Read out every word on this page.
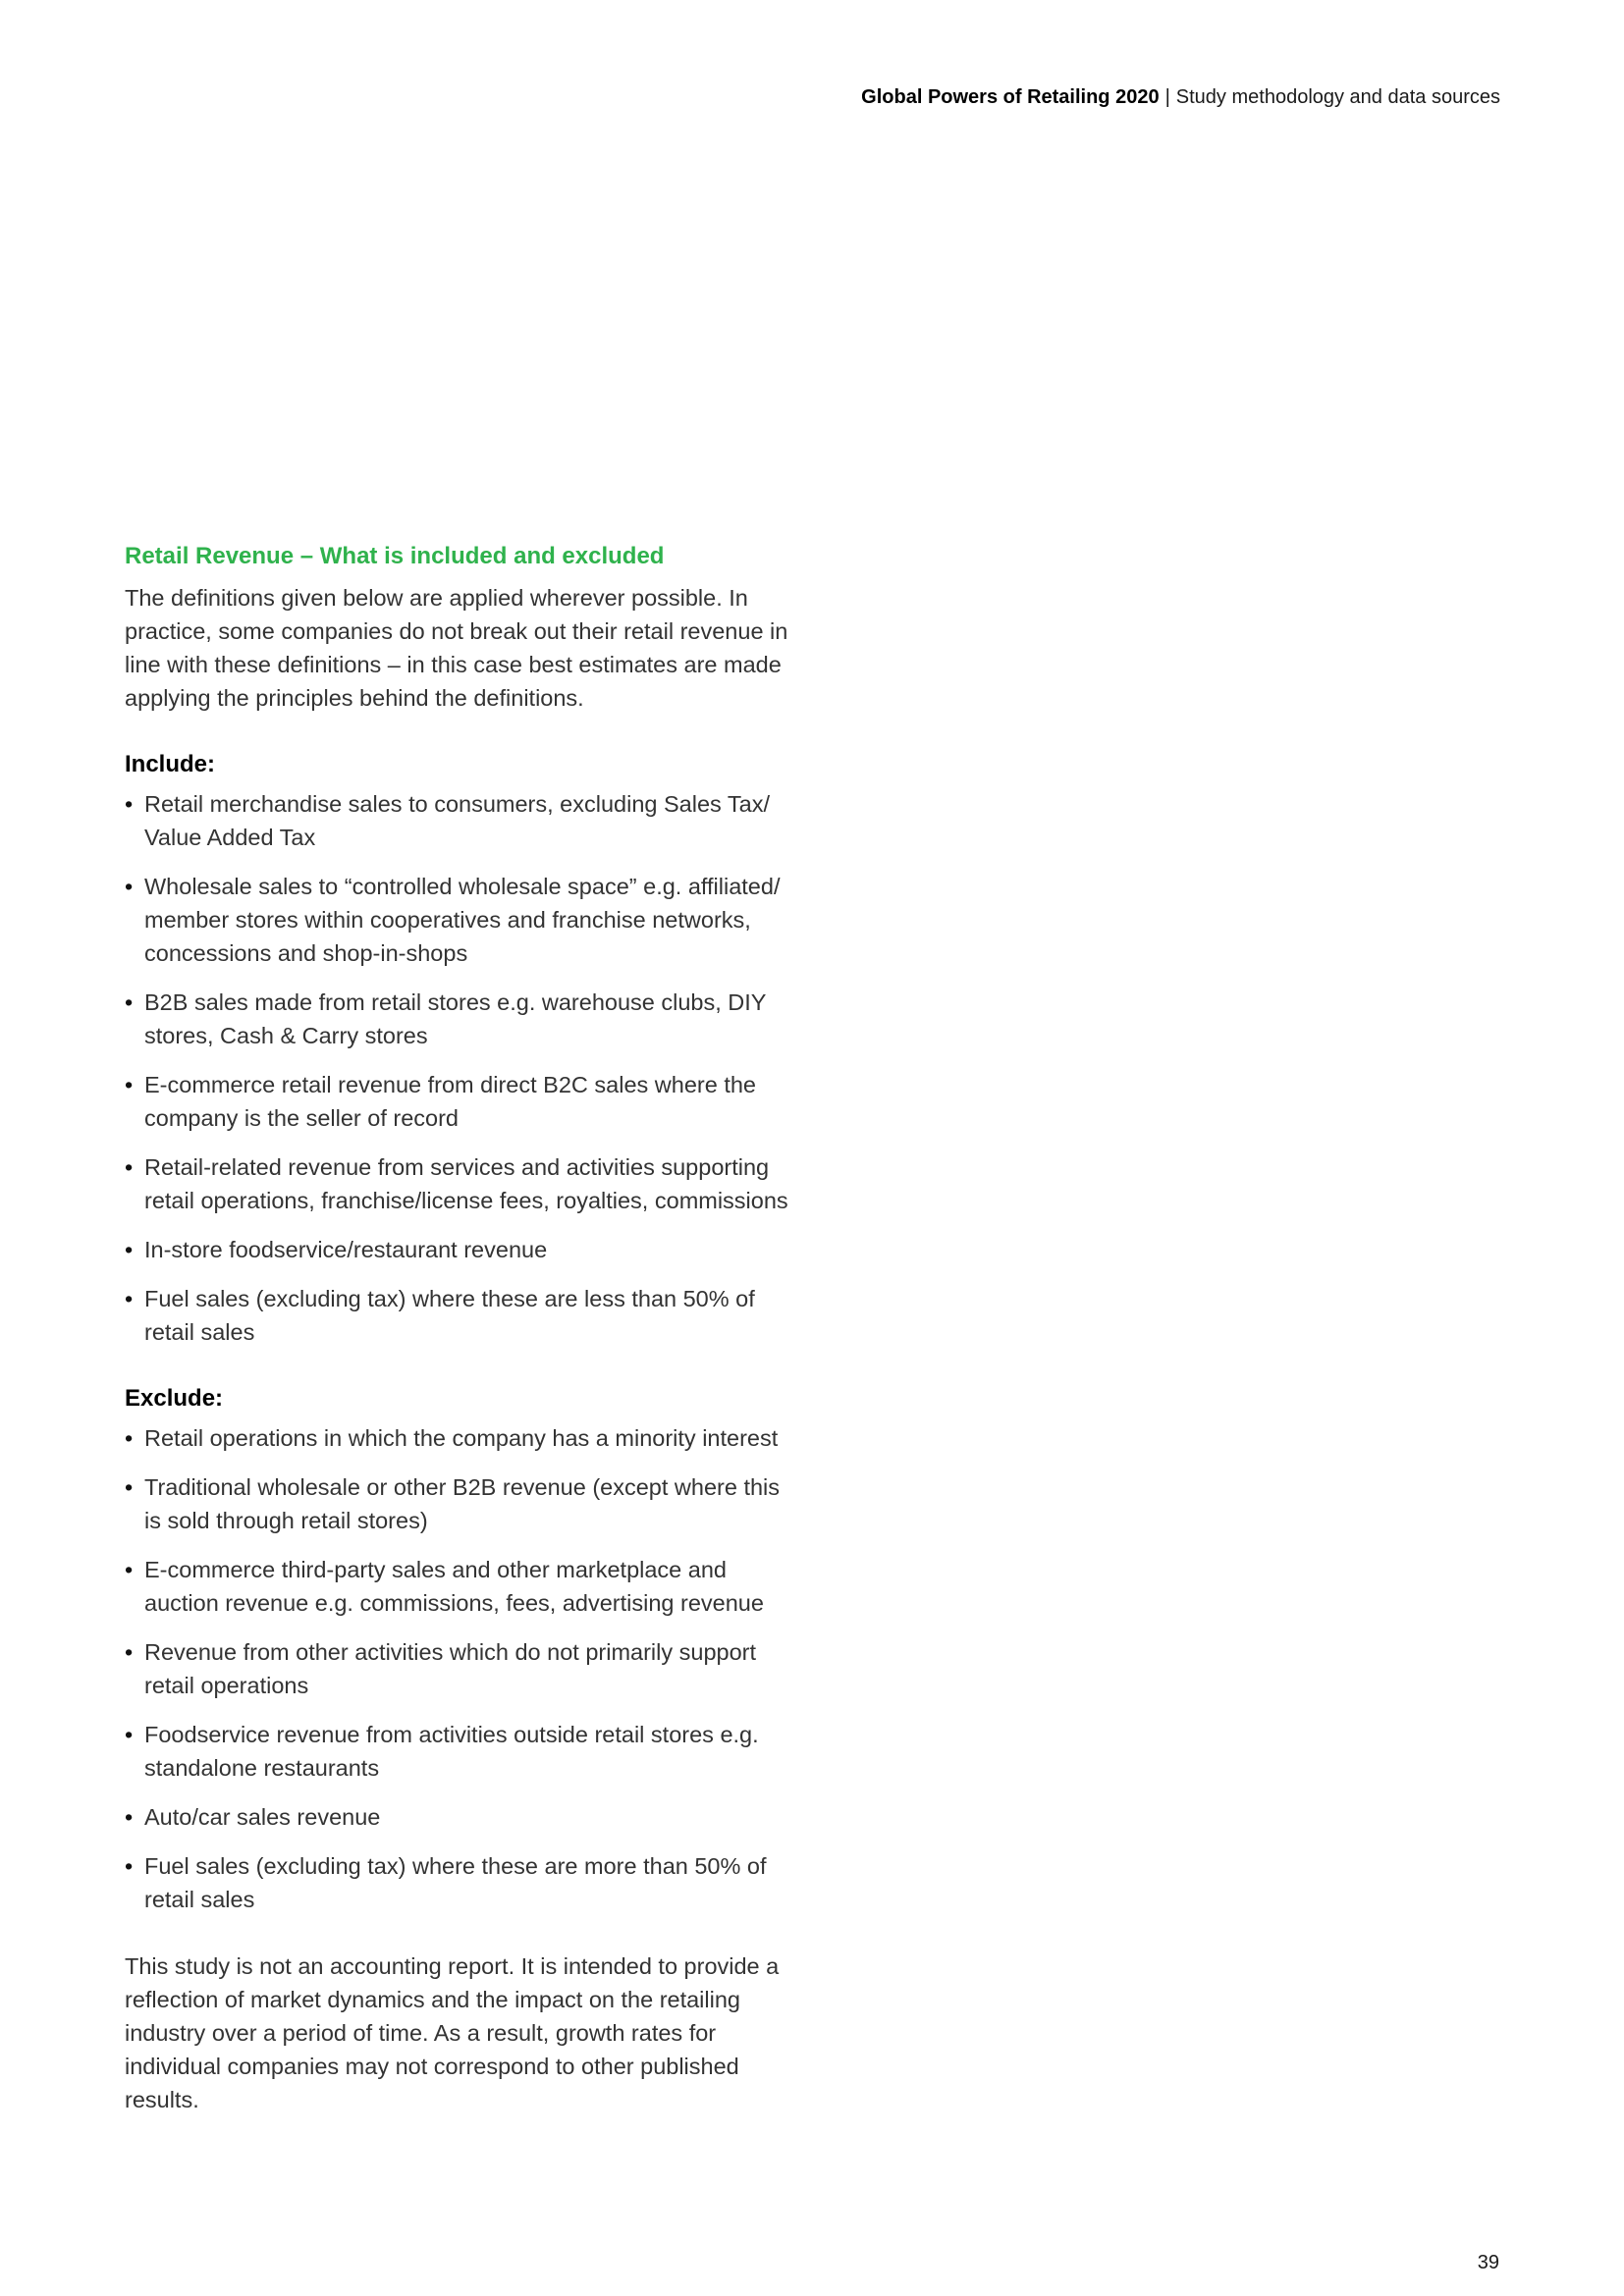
Global Powers of Retailing 2020 | Study methodology and data sources
Retail Revenue – What is included and excluded

The definitions given below are applied wherever possible. In practice, some companies do not break out their retail revenue in line with these definitions – in this case best estimates are made applying the principles behind the definitions.

Include:
• Retail merchandise sales to consumers, excluding Sales Tax/ Value Added Tax
• Wholesale sales to “controlled wholesale space” e.g. affiliated/ member stores within cooperatives and franchise networks, concessions and shop-in-shops
• B2B sales made from retail stores e.g. warehouse clubs, DIY stores, Cash & Carry stores
• E-commerce retail revenue from direct B2C sales where the company is the seller of record
• Retail-related revenue from services and activities supporting retail operations, franchise/license fees, royalties, commissions
• In-store foodservice/restaurant revenue
• Fuel sales (excluding tax) where these are less than 50% of retail sales
Exclude:
• Retail operations in which the company has a minority interest
• Traditional wholesale or other B2B revenue (except where this is sold through retail stores)
• E-commerce third-party sales and other marketplace and auction revenue e.g. commissions, fees, advertising revenue
• Revenue from other activities which do not primarily support retail operations
• Foodservice revenue from activities outside retail stores e.g. standalone restaurants
• Auto/car sales revenue
• Fuel sales (excluding tax) where these are more than 50% of retail sales

This study is not an accounting report. It is intended to provide a reflection of market dynamics and the impact on the retailing industry over a period of time. As a result, growth rates for individual companies may not correspond to other published results.

39
